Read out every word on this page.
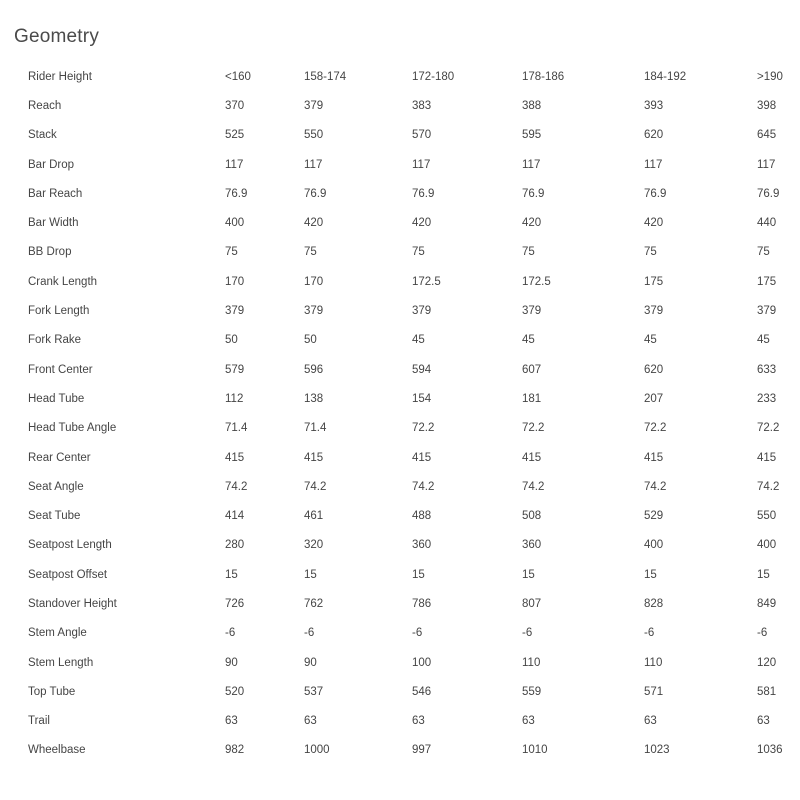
Geometry
Rider Height	<160	158-174	172-180	178-186	184-192	>190
Reach	370	379	383	388	393	398
Stack	525	550	570	595	620	645
Bar Drop	117	117	117	117	117	117
Bar Reach	76.9	76.9	76.9	76.9	76.9	76.9
Bar Width	400	420	420	420	420	440
BB Drop	75	75	75	75	75	75
Crank Length	170	170	172.5	172.5	175	175
Fork Length	379	379	379	379	379	379
Fork Rake	50	50	45	45	45	45
Front Center	579	596	594	607	620	633
Head Tube	112	138	154	181	207	233
Head Tube Angle	71.4	71.4	72.2	72.2	72.2	72.2
Rear Center	415	415	415	415	415	415
Seat Angle	74.2	74.2	74.2	74.2	74.2	74.2
Seat Tube	414	461	488	508	529	550
Seatpost Length	280	320	360	360	400	400
Seatpost Offset	15	15	15	15	15	15
Standover Height	726	762	786	807	828	849
Stem Angle	-6	-6	-6	-6	-6	-6
Stem Length	90	90	100	110	110	120
Top Tube	520	537	546	559	571	581
Trail	63	63	63	63	63	63
Wheelbase	982	1000	997	1010	1023	1036
